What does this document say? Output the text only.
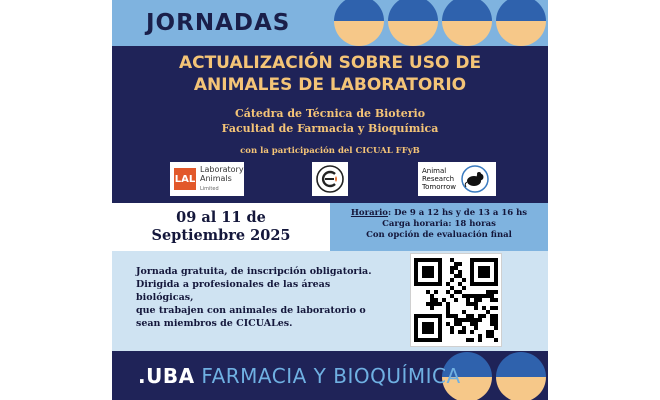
JORNADAS
ACTUALIZACIÓN SOBRE USO DE
ANIMALES DE LABORATORIO
Cátedra de Técnica de Bioterio
Facultad de Farmacia y Bioquímica
con la participación del CICUAL FFyB
LAL
Laboratory
Animals
Limited
Animal
Research
Tomorrow
09 al 11 de
Septiembre 2025
Horario: De 9 a 12 hs y de 13 a 16 hs
Carga horaria: 18 horas
Con opción de evaluación final
Jornada gratuita, de inscripción obligatoria.
Dirigida a profesionales de las áreas biológicas,
que trabajen con animales de laboratorio o
sean miembros de CICUALes.
.UBA FARMACIA Y BIOQUÍMICA
